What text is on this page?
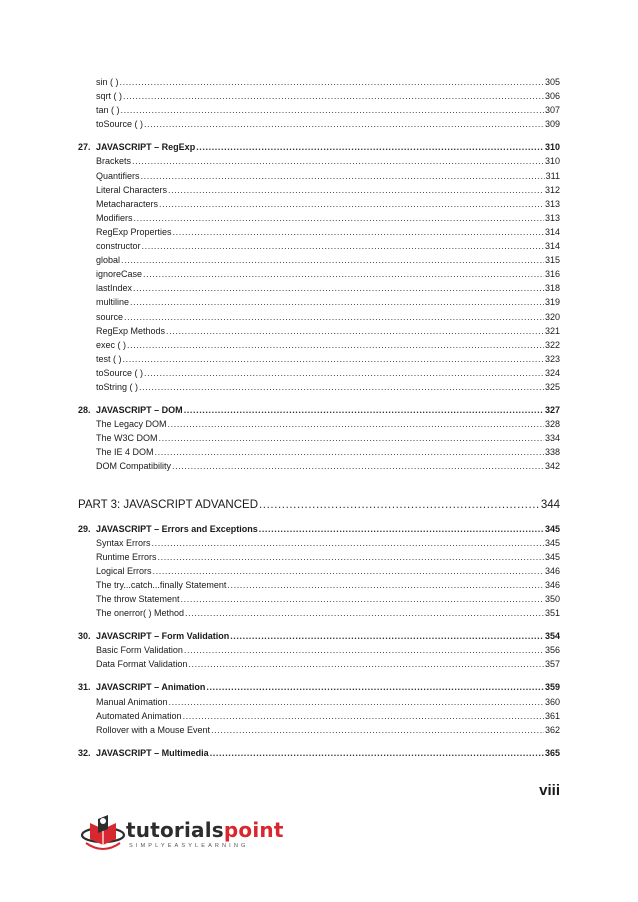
sin ( ) .....	305
sqrt ( ) .....	306
tan ( ) .....	307
toSource ( ) .....	309
27. JAVASCRIPT – RegExp .....	310
Brackets .....	310
Quantifiers .....	311
Literal Characters .....	312
Metacharacters .....	313
Modifiers .....	313
RegExp Properties .....	314
constructor .....	314
global .....	315
ignoreCase .....	316
lastIndex .....	318
multiline .....	319
source .....	320
RegExp Methods .....	321
exec ( ) .....	322
test ( ) .....	323
toSource ( ) .....	324
toString ( ) .....	325
28. JAVASCRIPT – DOM .....	327
The Legacy DOM .....	328
The W3C DOM .....	334
The IE 4 DOM .....	338
DOM Compatibility .....	342
PART 3: JAVASCRIPT ADVANCED .....	344
29. JAVASCRIPT – Errors and Exceptions .....	345
Syntax Errors .....	345
Runtime Errors .....	345
Logical Errors .....	346
The try...catch...finally Statement .....	346
The throw Statement .....	350
The onerror( ) Method .....	351
30. JAVASCRIPT – Form Validation .....	354
Basic Form Validation .....	356
Data Format Validation .....	357
31. JAVASCRIPT – Animation .....	359
Manual Animation .....	360
Automated Animation .....	361
Rollover with a Mouse Event .....	362
32. JAVASCRIPT – Multimedia .....	365
viii
tutorialspoint
SIMPLYEASYLEARNING
